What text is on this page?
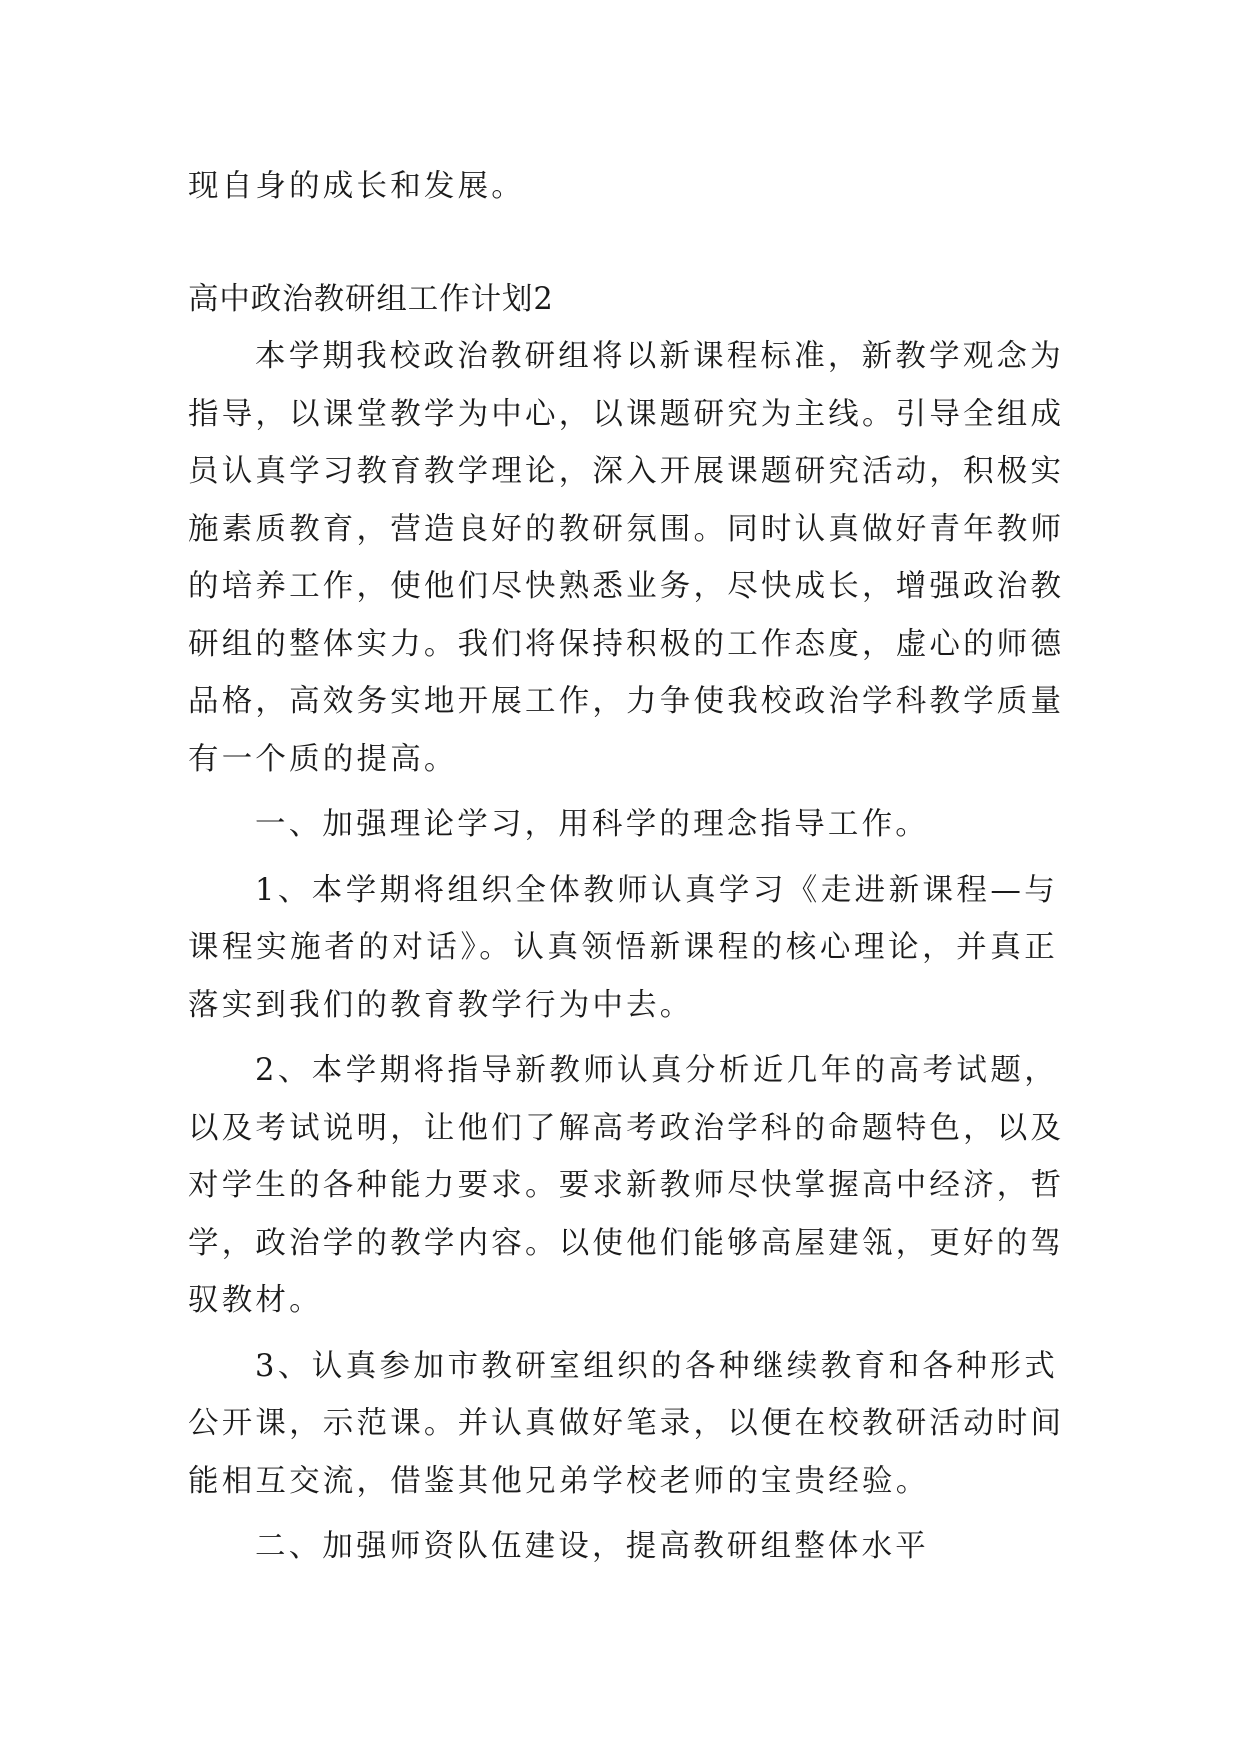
现自身的成长和发展。
高中政治教研组工作计划2
本学期我校政治教研组将以新课程标准，新教学观念为
指导，以课堂教学为中心，以课题研究为主线。引导全组成
员认真学习教育教学理论，深入开展课题研究活动，积极实
施素质教育，营造良好的教研氛围。同时认真做好青年教师
的培养工作，使他们尽快熟悉业务，尽快成长，增强政治教
研组的整体实力。我们将保持积极的工作态度，虚心的师德
品格，高效务实地开展工作，力争使我校政治学科教学质量
有一个质的提高。
一、加强理论学习，用科学的理念指导工作。
1、本学期将组织全体教师认真学习《走进新课程—与
课程实施者的对话》。认真领悟新课程的核心理论，并真正
落实到我们的教育教学行为中去。
2、本学期将指导新教师认真分析近几年的高考试题，
以及考试说明，让他们了解高考政治学科的命题特色，以及
对学生的各种能力要求。要求新教师尽快掌握高中经济，哲
学，政治学的教学内容。以使他们能够高屋建瓴，更好的驾
驭教材。
3、认真参加市教研室组织的各种继续教育和各种形式
公开课，示范课。并认真做好笔录，以便在校教研活动时间
能相互交流，借鉴其他兄弟学校老师的宝贵经验。
二、加强师资队伍建设，提高教研组整体水平
